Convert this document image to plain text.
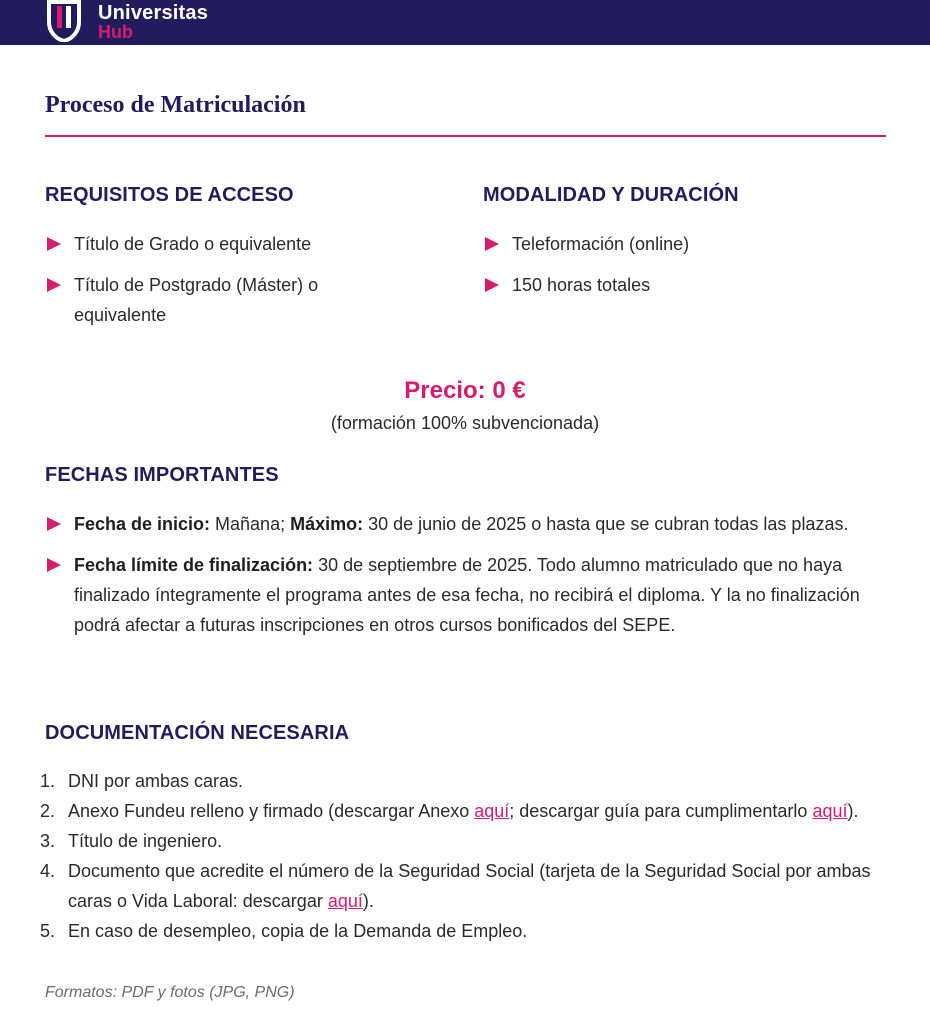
Universitas
Hub
Proceso de Matriculación
REQUISITOS DE ACCESO
Título de Grado o equivalente
Título de Postgrado (Máster) o equivalente
MODALIDAD Y DURACIÓN
Teleformación (online)
150 horas totales
Precio: 0 €
(formación 100% subvencionada)
FECHAS IMPORTANTES
Fecha de inicio: Mañana; Máximo: 30 de junio de 2025 o hasta que se cubran todas las plazas.
Fecha límite de finalización: 30 de septiembre de 2025. Todo alumno matriculado que no haya finalizado íntegramente el programa antes de esa fecha, no recibirá el diploma. Y la no finalización podrá afectar a futuras inscripciones en otros cursos bonificados del SEPE.
DOCUMENTACIÓN NECESARIA
1. DNI por ambas caras.
2. Anexo Fundeu relleno y firmado (descargar Anexo aquí; descargar guía para cumplimentarlo aquí).
3. Título de ingeniero.
4. Documento que acredite el número de la Seguridad Social (tarjeta de la Seguridad Social por ambas caras o Vida Laboral: descargar aquí).
5. En caso de desempleo, copia de la Demanda de Empleo.
Formatos: PDF y fotos (JPG, PNG)
